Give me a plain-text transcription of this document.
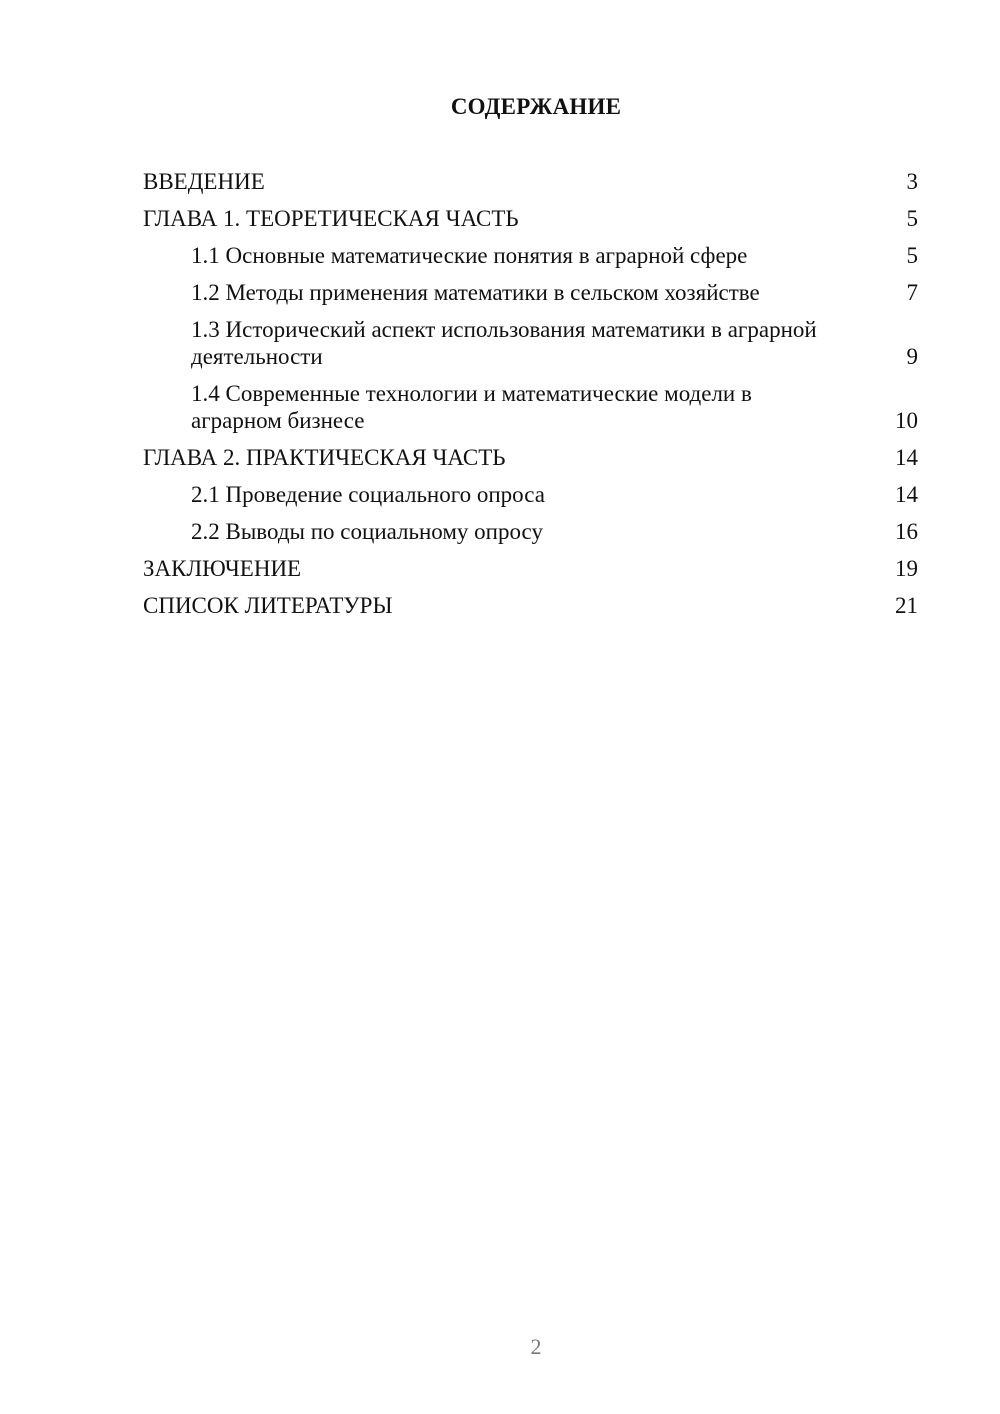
СОДЕРЖАНИЕ
ВВЕДЕНИЕ	3
ГЛАВА 1. ТЕОРЕТИЧЕСКАЯ ЧАСТЬ	5
1.1 Основные математические понятия в аграрной сфере	5
1.2 Методы применения математики в сельском хозяйстве	7
1.3 Исторический аспект использования математики в аграрной деятельности	9
1.4 Современные технологии и математические модели в аграрном бизнесе	10
ГЛАВА 2. ПРАКТИЧЕСКАЯ ЧАСТЬ	14
2.1 Проведение социального опроса	14
2.2 Выводы по социальному опросу	16
ЗАКЛЮЧЕНИЕ	19
СПИСОК ЛИТЕРАТУРЫ	21
2
